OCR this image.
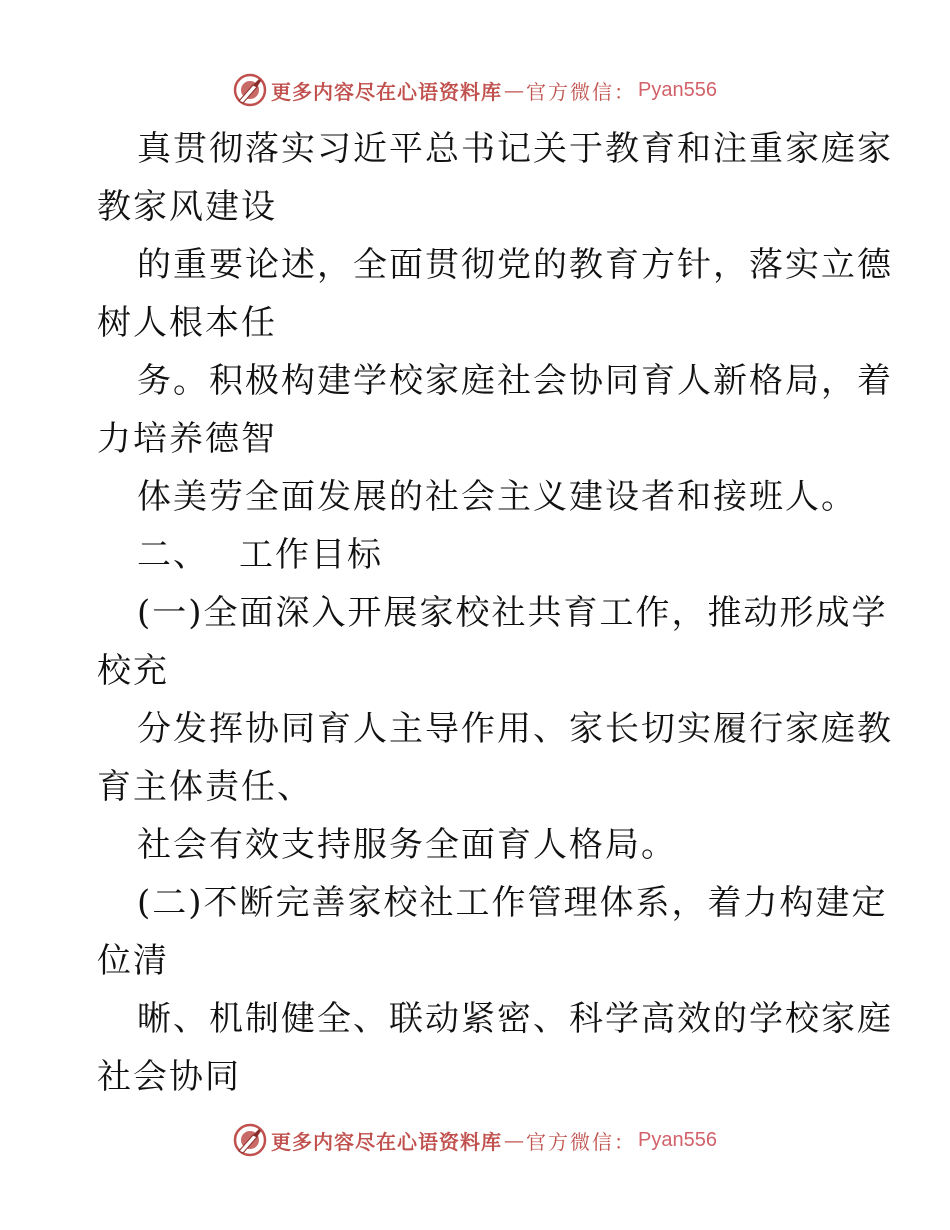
更多内容尽在心语资料库 — 官方微信： Pyan556
真贯彻落实习近平总书记关于教育和注重家庭家
教家风建设
的重要论述，全面贯彻党的教育方针，落实立德
树人根本任
务。积极构建学校家庭社会协同育人新格局，着
力培养德智
体美劳全面发展的社会主义建设者和接班人。
二、 工作目标
(一)全面深入开展家校社共育工作，推动形成学
校充
分发挥协同育人主导作用、家长切实履行家庭教
育主体责任、
社会有效支持服务全面育人格局。
(二)不断完善家校社工作管理体系，着力构建定
位清
晰、机制健全、联动紧密、科学高效的学校家庭
社会协同
更多内容尽在心语资料库 — 官方微信： Pyan556
